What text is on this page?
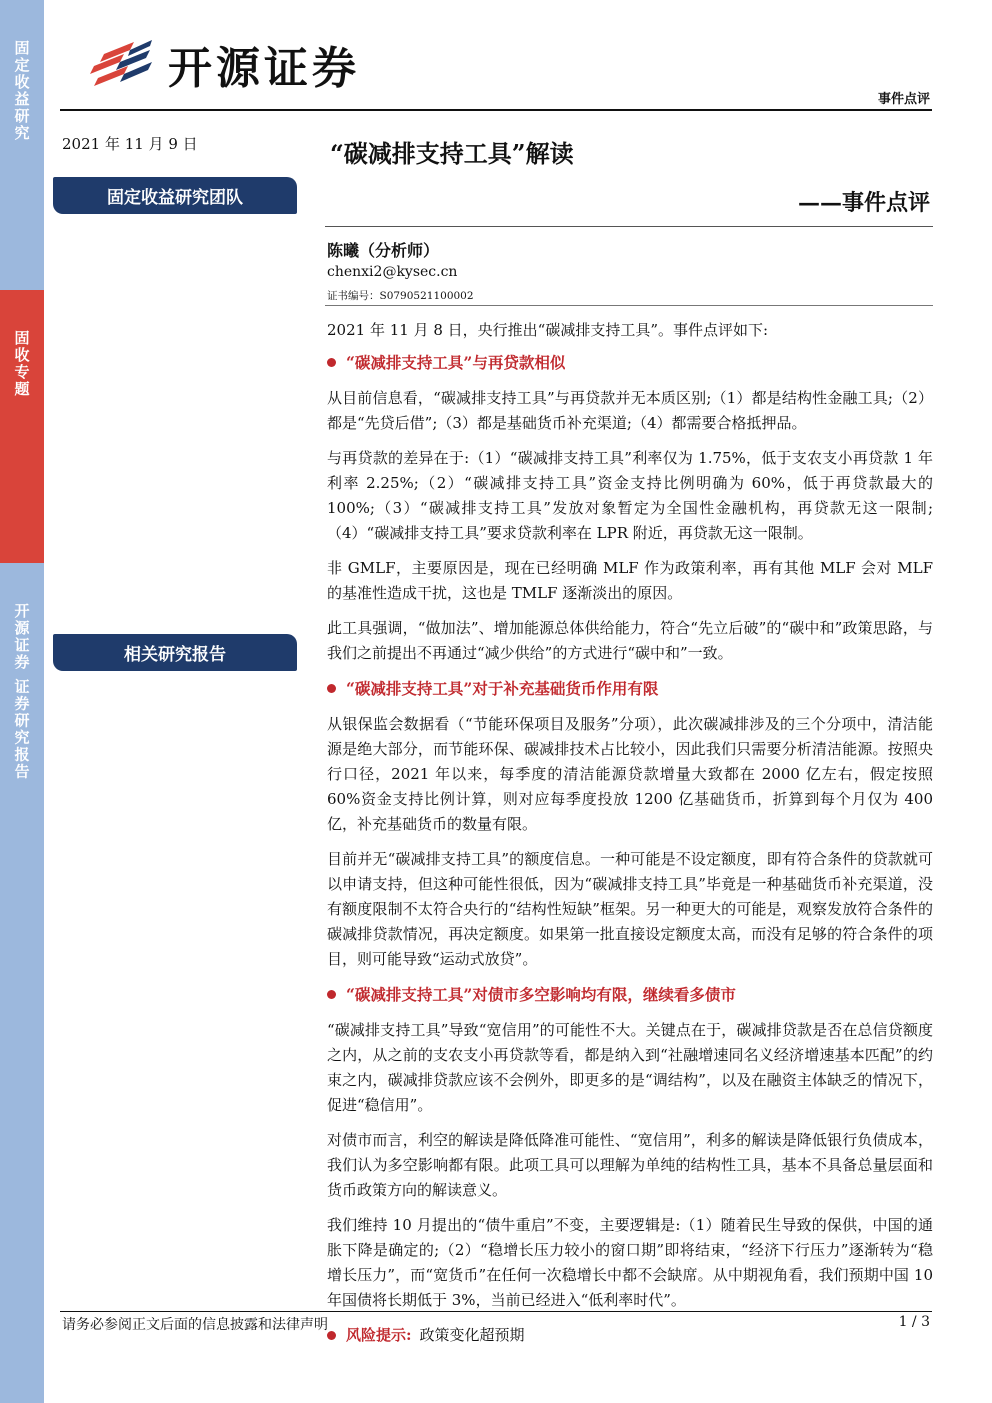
固定收益研究
固收专题
开源证券 证券研究报告
开源证券
事件点评
2021 年 11 月 9 日	“碳减排支持工具”解读
——事件点评
固定收益研究团队
相关研究报告
陈曦（分析师）
chenxi2@kysec.cn
证书编号：S0790521100002

2021 年 11 月 8 日，央行推出“碳减排支持工具”。事件点评如下:

“碳减排支持工具”与再贷款相似

从目前信息看，“碳减排支持工具”与再贷款并无本质区别;（1）都是结构性金融工具;（2）都是“先贷后借”;（3）都是基础货币补充渠道;（4）都需要合格抵押品。

与再贷款的差异在于:（1）“碳减排支持工具”利率仅为 1.75%，低于支农支小再贷款 1 年利率 2.25%;（2）“碳减排支持工具”资金支持比例明确为 60%，低于再贷款最大的 100%;（3）“碳减排支持工具”发放对象暂定为全国性金融机构，再贷款无这一限制;（4）“碳减排支持工具”要求贷款利率在 LPR 附近，再贷款无这一限制。

非 GMLF，主要原因是，现在已经明确 MLF 作为政策利率，再有其他 MLF 会对 MLF 的基准性造成干扰，这也是 TMLF 逐渐淡出的原因。

此工具强调，“做加法”、增加能源总体供给能力，符合“先立后破”的“碳中和”政策思路，与我们之前提出不再通过“减少供给”的方式进行“碳中和”一致。

“碳减排支持工具”对于补充基础货币作用有限

从银保监会数据看（“节能环保项目及服务”分项），此次碳减排涉及的三个分项中，清洁能源是绝大部分，而节能环保、碳减排技术占比较小，因此我们只需要分析清洁能源。按照央行口径，2021 年以来，每季度的清洁能源贷款增量大致都在 2000 亿左右，假定按照 60%资金支持比例计算，则对应每季度投放 1200 亿基础货币，折算到每个月仅为 400 亿，补充基础货币的数量有限。

目前并无“碳减排支持工具”的额度信息。一种可能是不设定额度，即有符合条件的贷款就可以申请支持，但这种可能性很低，因为“碳减排支持工具”毕竟是一种基础货币补充渠道，没有额度限制不太符合央行的“结构性短缺”框架。另一种更大的可能是，观察发放符合条件的碳减排贷款情况，再决定额度。如果第一批直接设定额度太高，而没有足够的符合条件的项目，则可能导致“运动式放贷”。

“碳减排支持工具”对债市多空影响均有限，继续看多债市

“碳减排支持工具”导致“宽信用”的可能性不大。关键点在于，碳减排贷款是否在总信贷额度之内，从之前的支农支小再贷款等看，都是纳入到“社融增速同名义经济增速基本匹配”的约束之内，碳减排贷款应该不会例外，即更多的是“调结构”，以及在融资主体缺乏的情况下，促进“稳信用”。

对债市而言，利空的解读是降低降准可能性、“宽信用”，利多的解读是降低银行负债成本，我们认为多空影响都有限。此项工具可以理解为单纯的结构性工具，基本不具备总量层面和货币政策方向的解读意义。

我们维持 10 月提出的“债牛重启”不变，主要逻辑是:（1）随着民生导致的保供，中国的通胀下降是确定的;（2）“稳增长压力较小的窗口期”即将结束，“经济下行压力”逐渐转为“稳增长压力”，而“宽货币”在任何一次稳增长中都不会缺席。从中期视角看，我们预期中国 10 年国债将长期低于 3%，当前已经进入“低利率时代”。

风险提示: 政策变化超预期
请务必参阅正文后面的信息披露和法律声明	1 / 3
